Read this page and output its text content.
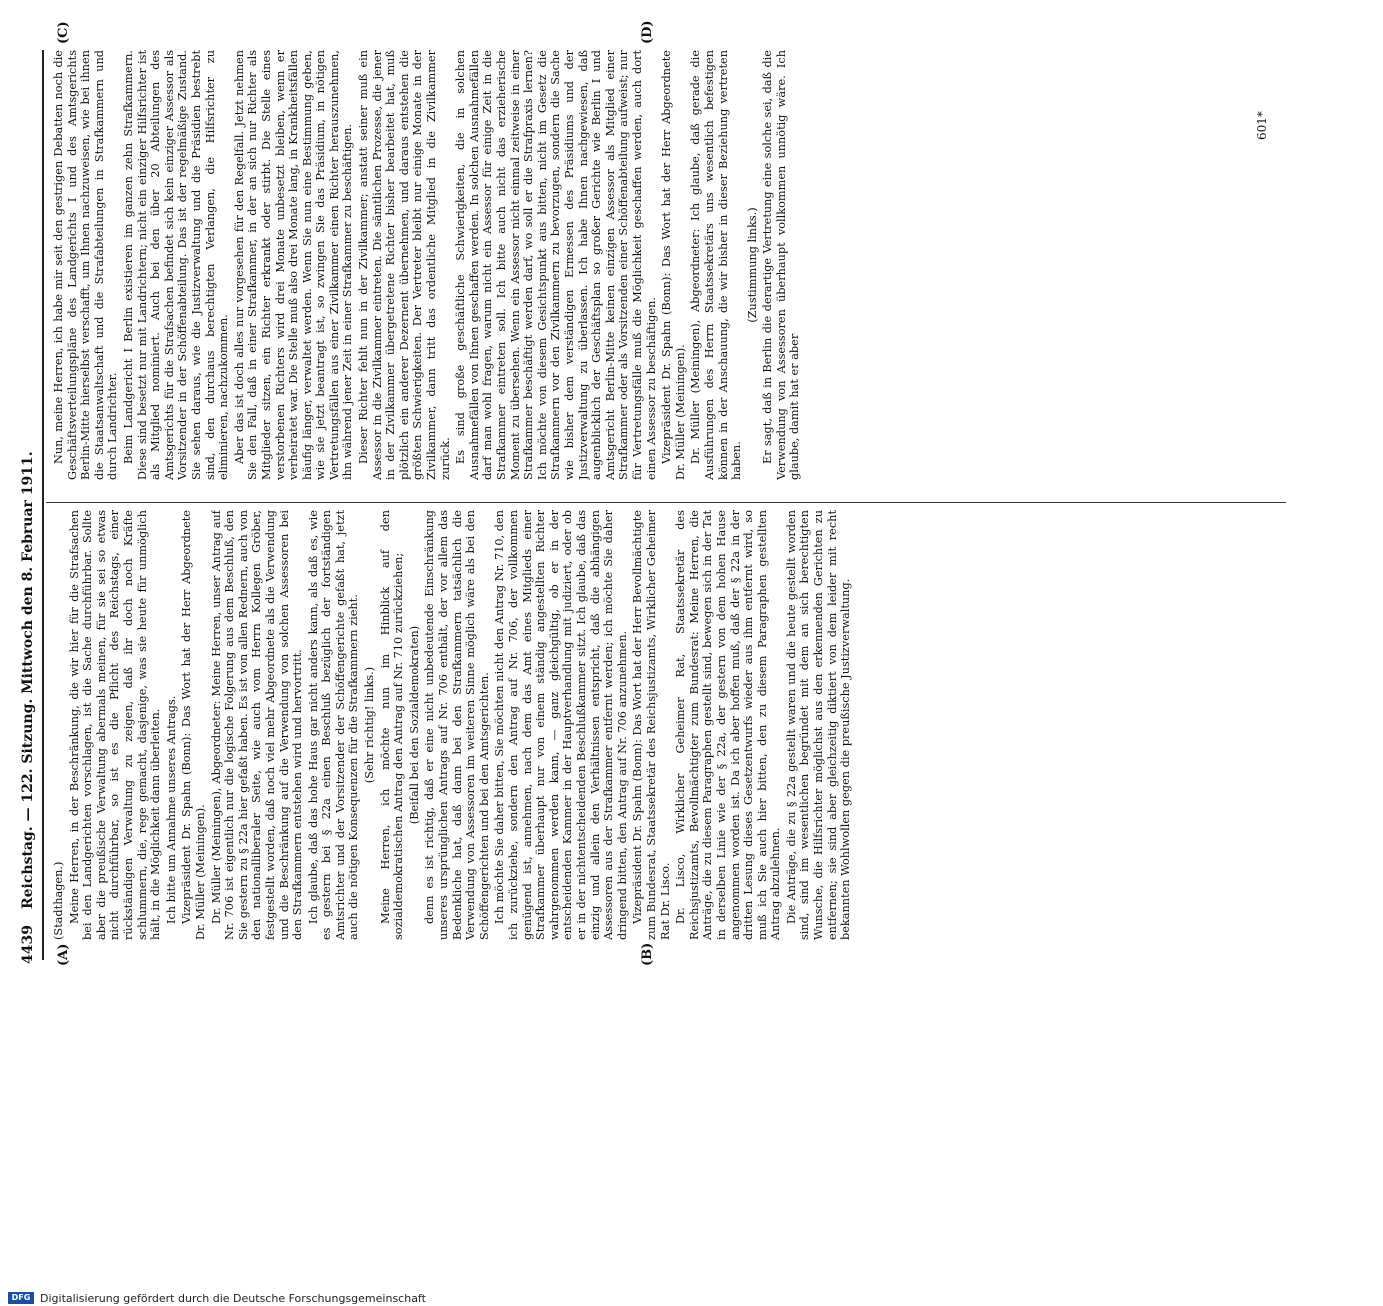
4439
Reichstag. — 122. Sitzung. Mittwoch den 8. Februar 1911.
(A)	(B)
(C)	(D)

(Stadthagen.) Meine Herren, in der Beschränkung, die wir hier für die Strafsachen bei den Landgerichten vorschlagen, ist die Sache durchführbar. Sollte aber die preußische Verwaltung abermals meinen, für sie sei so etwas nicht durchführbar, so ist es die Pflicht des Reichstags, einer rückständigen Verwaltung zu zeigen, daß ihr doch noch Kräfte schlummern, die, rege gemacht, dasjenige, was sie heute für unmöglich hält, in die Möglichkeit dann überleiten. Ich bitte um Annahme unseres Antrags. Vizepräsident Dr. Spahn (Bonn): Das Wort hat der Herr Abgeordnete Dr. Müller (Meiningen). Dr. Müller (Meiningen), Abgeordneter: Meine Herren, unser Antrag auf Nr. 706 ist eigentlich nur die logische Folgerung aus dem Beschluß, den Sie gestern zu § 22a hier gefaßt haben. Es ist von allen Rednern, auch von den nationalliberaler Seite, wie auch vom Herrn Kollegen Gröber, festgestellt worden, daß noch viel mehr Abgeordnete als die Verwendung und die Beschränkung auf die Verwendung von solchen Assessoren bei den Strafkammern entstehen wird und hervortritt. Ich glaube, daß das hohe Haus gar nicht anders kann, als daß es, wie es gestern bei § 22a einen Beschluß bezüglich der fortständigen Amtsrichter und der Vorsitzender der Schöffengerichte gefaßt hat, jetzt auch die nötigen Konsequenzen für die Strafkammern zieht. (Sehr richtig! links.) Meine Herren, ich möchte nun im Hinblick auf den sozialdemokratischen Antrag den Antrag auf Nr. 710 zurückziehen; (Beifall bei den Sozialdemokraten) denn es ist richtig, daß er eine nicht unbedeutende Einschränkung unseres ursprünglichen Antrags auf Nr. 706 enthält, der vor allem das Bedenkliche hat, daß dann bei den Strafkammern tatsächlich die Verwendung von Assessoren im weiteren Sinne möglich wäre als bei den Schöffengerichten und bei den Amtsgerichten. Ich möchte Sie daher bitten, Sie möchten nicht den Antrag Nr. 710, den ich zurückziehe, sondern den Antrag auf Nr. 706, der vollkommen genügend ist, annehmen, nach dem das Amt eines Mitglieds einer Strafkammer überhaupt nur von einem ständig angestellten Richter wahrgenommen werden kann, — ganz gleichgültig, ob er in der entscheidenden Kammer in der Hauptverhandlung mit judiziert, oder ob er in der nichtentscheidenden Beschlußkammer sitzt. Ich glaube, daß das einzig und allein den Verhältnissen entspricht, daß die abhängigen Assessoren aus der Strafkammer entfernt werden; ich möchte Sie daher dringend bitten, den Antrag auf Nr. 706 anzunehmen. Vizepräsident Dr. Spahn (Bonn): Das Wort hat der Herr Bevollmächtigte zum Bundesrat, Staatssekretär des Reichsjustizamts, Wirklicher Geheimer Rat Dr. Lisco. Dr. Lisco, Wirklicher Geheimer Rat, Staatssekretär des Reichsjustizamts, Bevollmächtigter zum Bundesrat: Meine Herren, die Anträge, die zu diesem Paragraphen gestellt sind, bewegen sich in der Tat in derselben Linie wie der § 22a, der gestern von dem hohen Hause angenommen worden ist. Da ich aber hoffen muß, daß der § 22a in der dritten Lesung dieses Gesetzentwurfs wieder aus ihm entfernt wird, so muß ich Sie auch hier bitten, den zu diesem Paragraphen gestellten Antrag abzulehnen. Die Anträge, die zu § 22a gestellt waren und die heute gestellt worden sind, sind im wesentlichen begründet mit dem an sich berechtigten Wunsche, die Hilfsrichter möglichst aus den erkennenden Gerichten zu entfernen; sie sind aber gleichzeitig diktiert von dem leider mit recht bekannten Wohlwollen gegen die preußische Justizverwaltung.

Nun, meine Herren, ich habe mir seit den gestrigen Debatten noch die Geschäftsverteilungspläne des Landgerichts I und des Amtsgerichts Berlin-Mitte hierselbst verschafft, um Ihnen nachzuweisen, wie bei ihnen die Staatsanwaltschaft und die Strafabteilungen in Strafkammern und durch Landrichter. Beim Landgericht I Berlin existieren im ganzen zehn Strafkammern. Diese sind besetzt nur mit Landrichtern; nicht ein einziger Hilfsrichter ist als Mitglied nominiert. Auch bei den über 20 Abteilungen des Amtsgerichts für die Strafsachen befindet sich kein einziger Assessor als Vorsitzender in der Schöffenabteilung. Das ist der regelmäßige Zustand. Sie sehen daraus, wie die Justizverwaltung und die Präsidien bestrebt sind, den durchaus berechtigten Verlangen, die Hilfsrichter zu eliminieren, nachzukommen. Aber das ist doch alles nur vorgesehen für den Regelfall. Jetzt nehmen Sie den Fall, daß in einer Strafkammer, in der an sich nur Richter als Mitglieder sitzen, ein Richter erkrankt oder stirbt. Die Stelle eines verstorbenen Richters wird drei Monate unbesetzt bleiben, wenn er verheiratet war. Die Stelle muß also drei Monate lang, in Krankheitsfällen häufig länger, verwaltet werden. Wenn Sie nun eine Bestimmung geben, wie sie jetzt beantragt ist, so zwingen Sie das Präsidium, in nötigen Vertretungsfällen aus einer Zivilkammer einen Richter herauszunehmen, ihn während jener Zeit in einer Strafkammer zu beschäftigen. Dieser Richter fehlt nun in der Zivilkammer; anstatt seiner muß ein Assessor in die Zivilkammer eintreten. Die sämtlichen Prozesse, die jener in der Zivilkammer übergetretene Richter bisher bearbeitet hat, muß plötzlich ein anderer Dezernent übernehmen, und daraus entstehen die größten Schwierigkeiten. Der Vertreter bleibt nur einige Monate in der Zivilkammer, dann tritt das ordentliche Mitglied in die Zivilkammer zurück. Es sind große geschäftliche Schwierigkeiten, die in solchen Ausnahmefällen von Ihnen geschaffen werden. In solchen Ausnahmefällen darf man wohl fragen, warum nicht ein Assessor für einige Zeit in die Strafkammer eintreten soll. Ich bitte auch nicht das erzieherische Moment zu übersehen. Wenn ein Assessor nicht einmal zeitweise in einer Strafkammer beschäftigt werden darf, wo soll er die Strafpraxis lernen? Ich möchte von diesem Gesichtspunkt aus bitten, nicht im Gesetz die Strafkammern vor den Zivilkammern zu bevorzugen, sondern die Sache wie bisher dem verständigen Ermessen des Präsidiums und der Justizverwaltung zu überlassen. Ich habe Ihnen nachgewiesen, daß augenblicklich der Geschäftsplan so großer Gerichte wie Berlin I und Amtsgericht Berlin-Mitte keinen einzigen Assessor als Mitglied einer Strafkammer oder als Vorsitzenden einer Schöffenabteilung aufweist; nur für Vertretungsfälle muß die Möglichkeit geschaffen werden, auch dort einen Assessor zu beschäftigen. Vizepräsident Dr. Spahn (Bonn): Das Wort hat der Herr Abgeordnete Dr. Müller (Meiningen). Dr. Müller (Meiningen), Abgeordneter: Ich glaube, daß gerade die Ausführungen des Herrn Staatssekretärs uns wesentlich befestigen können in der Anschauung, die wir bisher in dieser Beziehung vertreten haben.

(Zustimmung links.) Er sagt, daß in Berlin die derartige Vertretung eine solche sei, daß die Verwendung von Assessoren überhaupt vollkommen unnötig wäre. Ich glaube, damit hat er aber

601*
DFG Digitalisierung gefördert durch die Deutsche Forschungsgemeinschaft
